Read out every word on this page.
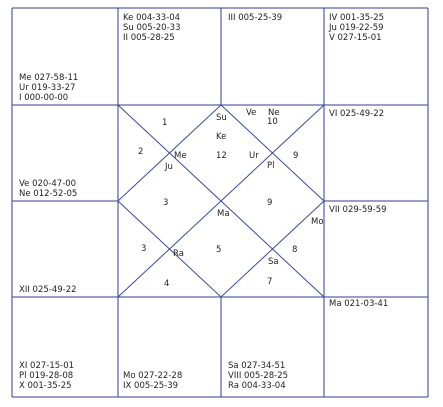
Me 027-58-11
Ur 019-33-27
I 000-00-00
Ke 004-33-04
Su 005-20-33
II 005-28-25
III 005-25-39	IV 001-35-25
Ju 019-22-59
V 027-15-01
Ve 020-47-00
Ne 012-52-05
VI 025-49-22
XII 025-49-22
VII 029-59-59
XI 027-15-01
Pl 019-28-08
X 001-35-25
Mo 027-22-28
IX 005-25-39
Sa 027-34-51
VIII 005-28-25
Ra 004-33-04
Ma 021-03-41
1
2	12
10
9
3	9
3	5	8
4	7
Su
Ke
Ve Ne
Me
Ju
Ur
Pl
Ma
Mo
Ra
Sa
